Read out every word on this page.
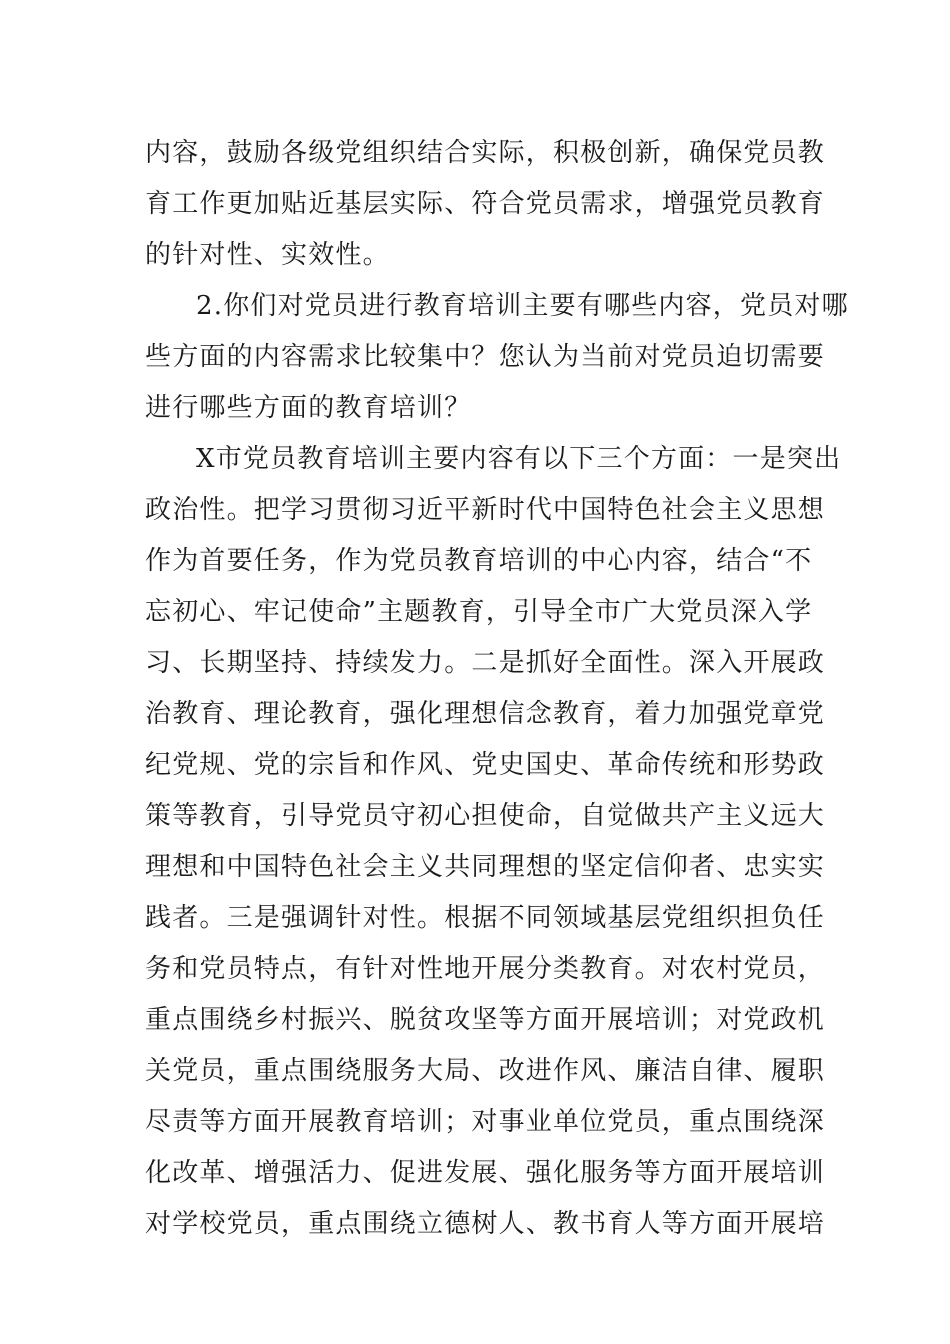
内容，鼓励各级党组织结合实际，积极创新，确保党员教
育工作更加贴近基层实际、符合党员需求，增强党员教育
的针对性、实效性。
2.你们对党员进行教育培训主要有哪些内容，党员对哪
些方面的内容需求比较集中？您认为当前对党员迫切需要
进行哪些方面的教育培训？
X市党员教育培训主要内容有以下三个方面：一是突出
政治性。把学习贯彻习近平新时代中国特色社会主义思想
作为首要任务，作为党员教育培训的中心内容，结合“不
忘初心、牢记使命”主题教育，引导全市广大党员深入学
习、长期坚持、持续发力。二是抓好全面性。深入开展政
治教育、理论教育，强化理想信念教育，着力加强党章党
纪党规、党的宗旨和作风、党史国史、革命传统和形势政
策等教育，引导党员守初心担使命，自觉做共产主义远大
理想和中国特色社会主义共同理想的坚定信仰者、忠实实
践者。三是强调针对性。根据不同领域基层党组织担负任
务和党员特点，有针对性地开展分类教育。对农村党员，
重点围绕乡村振兴、脱贫攻坚等方面开展培训；对党政机
关党员，重点围绕服务大局、改进作风、廉洁自律、履职
尽责等方面开展教育培训；对事业单位党员，重点围绕深
化改革、增强活力、促进发展、强化服务等方面开展培训
对学校党员，重点围绕立德树人、教书育人等方面开展培
